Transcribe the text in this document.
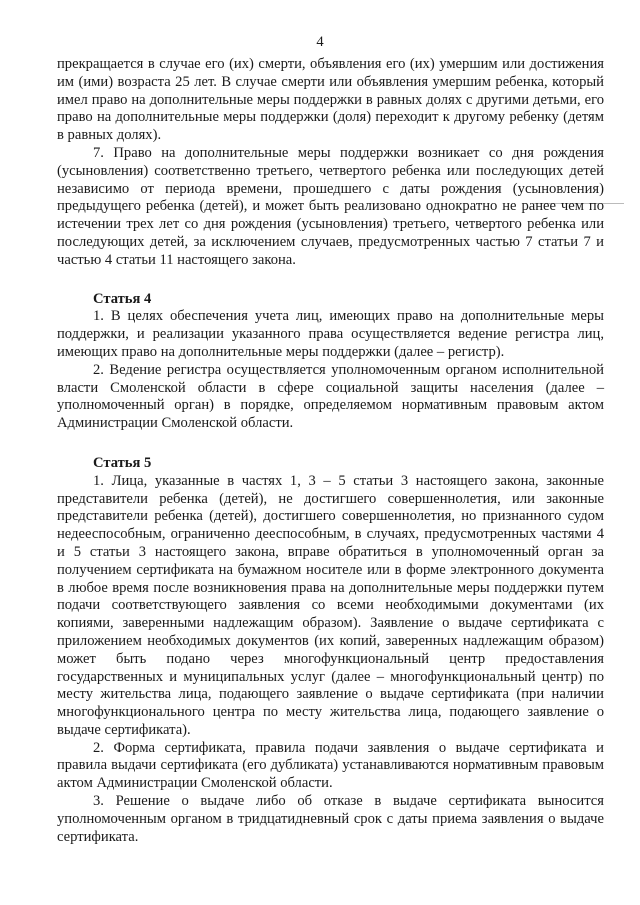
4

прекращается в случае его (их) смерти, объявления его (их) умершим или достижения им (ими) возраста 25 лет. В случае смерти или объявления умершим ребенка, который имел право на дополнительные меры поддержки в равных долях с другими детьми, его право на дополнительные меры поддержки (доля) переходит к другому ребенку (детям в равных долях).

7. Право на дополнительные меры поддержки возникает со дня рождения (усыновления) соответственно третьего, четвертого ребенка или последующих детей независимо от периода времени, прошедшего с даты рождения (усыновления) предыдущего ребенка (детей), и может быть реализовано однократно не ранее чем по истечении трех лет со дня рождения (усыновления) третьего, четвертого ребенка или последующих детей, за исключением случаев, предусмотренных частью 7 статьи 7 и частью 4 статьи 11 настоящего закона.

Статья 4

1. В целях обеспечения учета лиц, имеющих право на дополнительные меры поддержки, и реализации указанного права осуществляется ведение регистра лиц, имеющих право на дополнительные меры поддержки (далее – регистр).

2. Ведение регистра осуществляется уполномоченным органом исполнительной власти Смоленской области в сфере социальной защиты населения (далее – уполномоченный орган) в порядке, определяемом нормативным правовым актом Администрации Смоленской области.

Статья 5

1. Лица, указанные в частях 1, 3 – 5 статьи 3 настоящего закона, законные представители ребенка (детей), не достигшего совершеннолетия, или законные представители ребенка (детей), достигшего совершеннолетия, но признанного судом недееспособным, ограниченно дееспособным, в случаях, предусмотренных частями 4 и 5 статьи 3 настоящего закона, вправе обратиться в уполномоченный орган за получением сертификата на бумажном носителе или в форме электронного документа в любое время после возникновения права на дополнительные меры поддержки путем подачи соответствующего заявления со всеми необходимыми документами (их копиями, заверенными надлежащим образом). Заявление о выдаче сертификата с приложением необходимых документов (их копий, заверенных надлежащим образом) может быть подано через многофункциональный центр предоставления государственных и муниципальных услуг (далее – многофункциональный центр) по месту жительства лица, подающего заявление о выдаче сертификата (при наличии многофункционального центра по месту жительства лица, подающего заявление о выдаче сертификата).

2. Форма сертификата, правила подачи заявления о выдаче сертификата и правила выдачи сертификата (его дубликата) устанавливаются нормативным правовым актом Администрации Смоленской области.

3. Решение о выдаче либо об отказе в выдаче сертификата выносится уполномоченным органом в тридцатидневный срок с даты приема заявления о выдаче сертификата.
